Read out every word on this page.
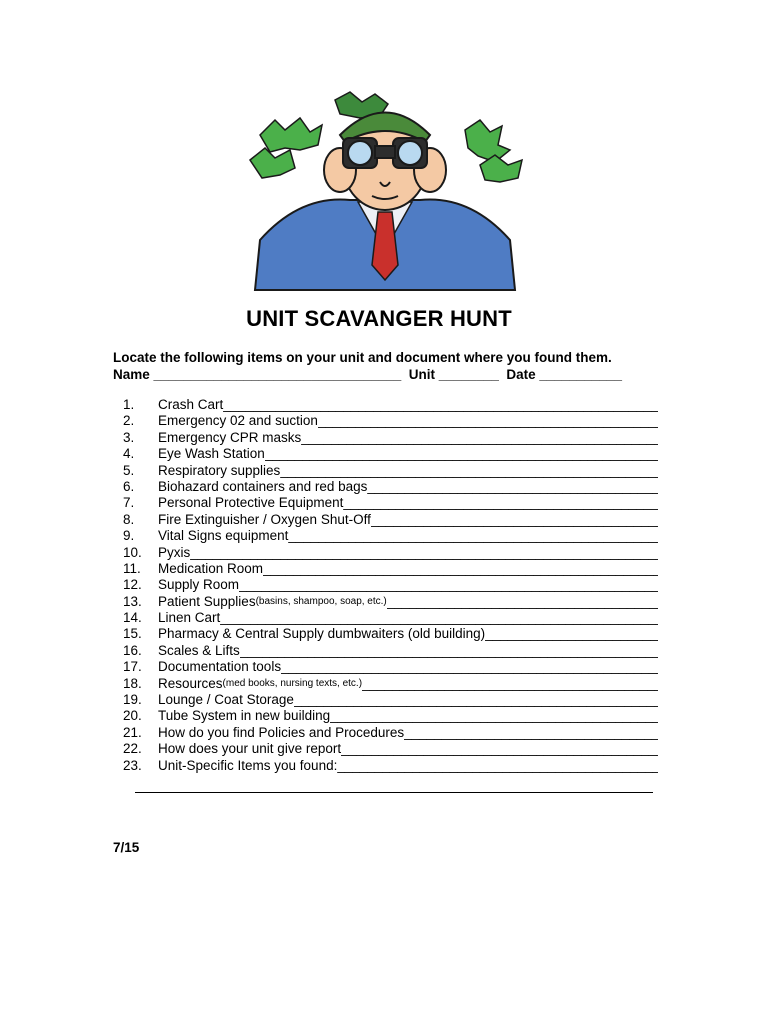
UNIT SCAVANGER HUNT
Locate the following items on your unit and document where you found them.
Name _________________________________  Unit ________  Date ___________
1.	Crash Cart
_____
2.	Emergency 02 and suction
_____
3.	Emergency CPR masks
_____
4.	Eye Wash Station
_____
5.	Respiratory supplies
_____
6.	Biohazard containers and red bags
_____
7.	Personal Protective Equipment
_____
8.	Fire Extinguisher / Oxygen Shut-Off
_____
9.	Vital Signs equipment
_____
10.	Pyxis
_____
11.	Medication Room
_____
12.	Supply Room
_____
13.	Patient Supplies (basins, shampoo, soap, etc.)
_____
14.	Linen Cart
_____
15.	Pharmacy & Central Supply dumbwaiters (old building)
_____
16.	Scales & Lifts
_____
17.	Documentation tools
_____
18.	Resources (med books, nursing texts, etc.)
_____
19.	Lounge / Coat Storage
_____
20.	Tube System in new building
_____
21.	How do you find Policies and Procedures
_____
22.	How does your unit give report
_____
23.	Unit-Specific Items you found:
_____
7/15
